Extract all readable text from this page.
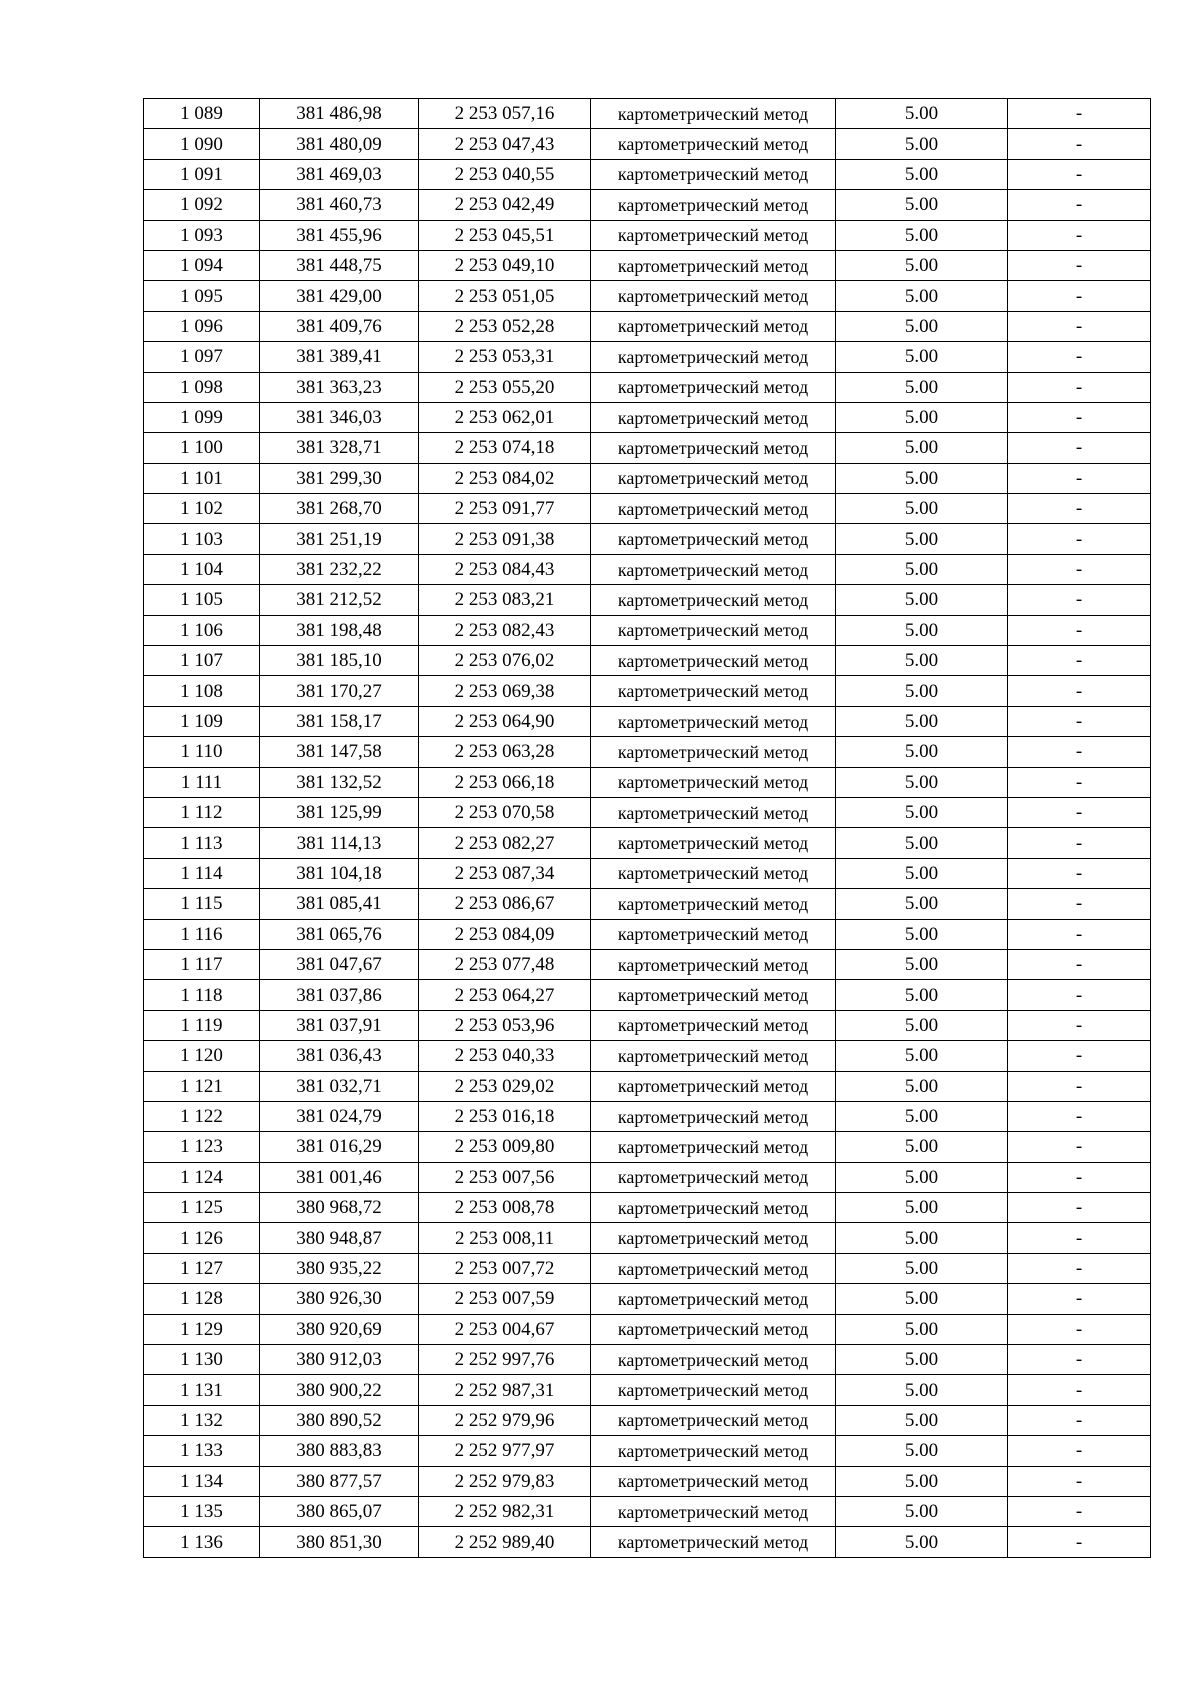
1 089	381 486,98	2 253 057,16	картометрический метод	5.00	-
1 090	381 480,09	2 253 047,43	картометрический метод	5.00	-
1 091	381 469,03	2 253 040,55	картометрический метод	5.00	-
1 092	381 460,73	2 253 042,49	картометрический метод	5.00	-
1 093	381 455,96	2 253 045,51	картометрический метод	5.00	-
1 094	381 448,75	2 253 049,10	картометрический метод	5.00	-
1 095	381 429,00	2 253 051,05	картометрический метод	5.00	-
1 096	381 409,76	2 253 052,28	картометрический метод	5.00	-
1 097	381 389,41	2 253 053,31	картометрический метод	5.00	-
1 098	381 363,23	2 253 055,20	картометрический метод	5.00	-
1 099	381 346,03	2 253 062,01	картометрический метод	5.00	-
1 100	381 328,71	2 253 074,18	картометрический метод	5.00	-
1 101	381 299,30	2 253 084,02	картометрический метод	5.00	-
1 102	381 268,70	2 253 091,77	картометрический метод	5.00	-
1 103	381 251,19	2 253 091,38	картометрический метод	5.00	-
1 104	381 232,22	2 253 084,43	картометрический метод	5.00	-
1 105	381 212,52	2 253 083,21	картометрический метод	5.00	-
1 106	381 198,48	2 253 082,43	картометрический метод	5.00	-
1 107	381 185,10	2 253 076,02	картометрический метод	5.00	-
1 108	381 170,27	2 253 069,38	картометрический метод	5.00	-
1 109	381 158,17	2 253 064,90	картометрический метод	5.00	-
1 110	381 147,58	2 253 063,28	картометрический метод	5.00	-
1 111	381 132,52	2 253 066,18	картометрический метод	5.00	-
1 112	381 125,99	2 253 070,58	картометрический метод	5.00	-
1 113	381 114,13	2 253 082,27	картометрический метод	5.00	-
1 114	381 104,18	2 253 087,34	картометрический метод	5.00	-
1 115	381 085,41	2 253 086,67	картометрический метод	5.00	-
1 116	381 065,76	2 253 084,09	картометрический метод	5.00	-
1 117	381 047,67	2 253 077,48	картометрический метод	5.00	-
1 118	381 037,86	2 253 064,27	картометрический метод	5.00	-
1 119	381 037,91	2 253 053,96	картометрический метод	5.00	-
1 120	381 036,43	2 253 040,33	картометрический метод	5.00	-
1 121	381 032,71	2 253 029,02	картометрический метод	5.00	-
1 122	381 024,79	2 253 016,18	картометрический метод	5.00	-
1 123	381 016,29	2 253 009,80	картометрический метод	5.00	-
1 124	381 001,46	2 253 007,56	картометрический метод	5.00	-
1 125	380 968,72	2 253 008,78	картометрический метод	5.00	-
1 126	380 948,87	2 253 008,11	картометрический метод	5.00	-
1 127	380 935,22	2 253 007,72	картометрический метод	5.00	-
1 128	380 926,30	2 253 007,59	картометрический метод	5.00	-
1 129	380 920,69	2 253 004,67	картометрический метод	5.00	-
1 130	380 912,03	2 252 997,76	картометрический метод	5.00	-
1 131	380 900,22	2 252 987,31	картометрический метод	5.00	-
1 132	380 890,52	2 252 979,96	картометрический метод	5.00	-
1 133	380 883,83	2 252 977,97	картометрический метод	5.00	-
1 134	380 877,57	2 252 979,83	картометрический метод	5.00	-
1 135	380 865,07	2 252 982,31	картометрический метод	5.00	-
1 136	380 851,30	2 252 989,40	картометрический метод	5.00	-
